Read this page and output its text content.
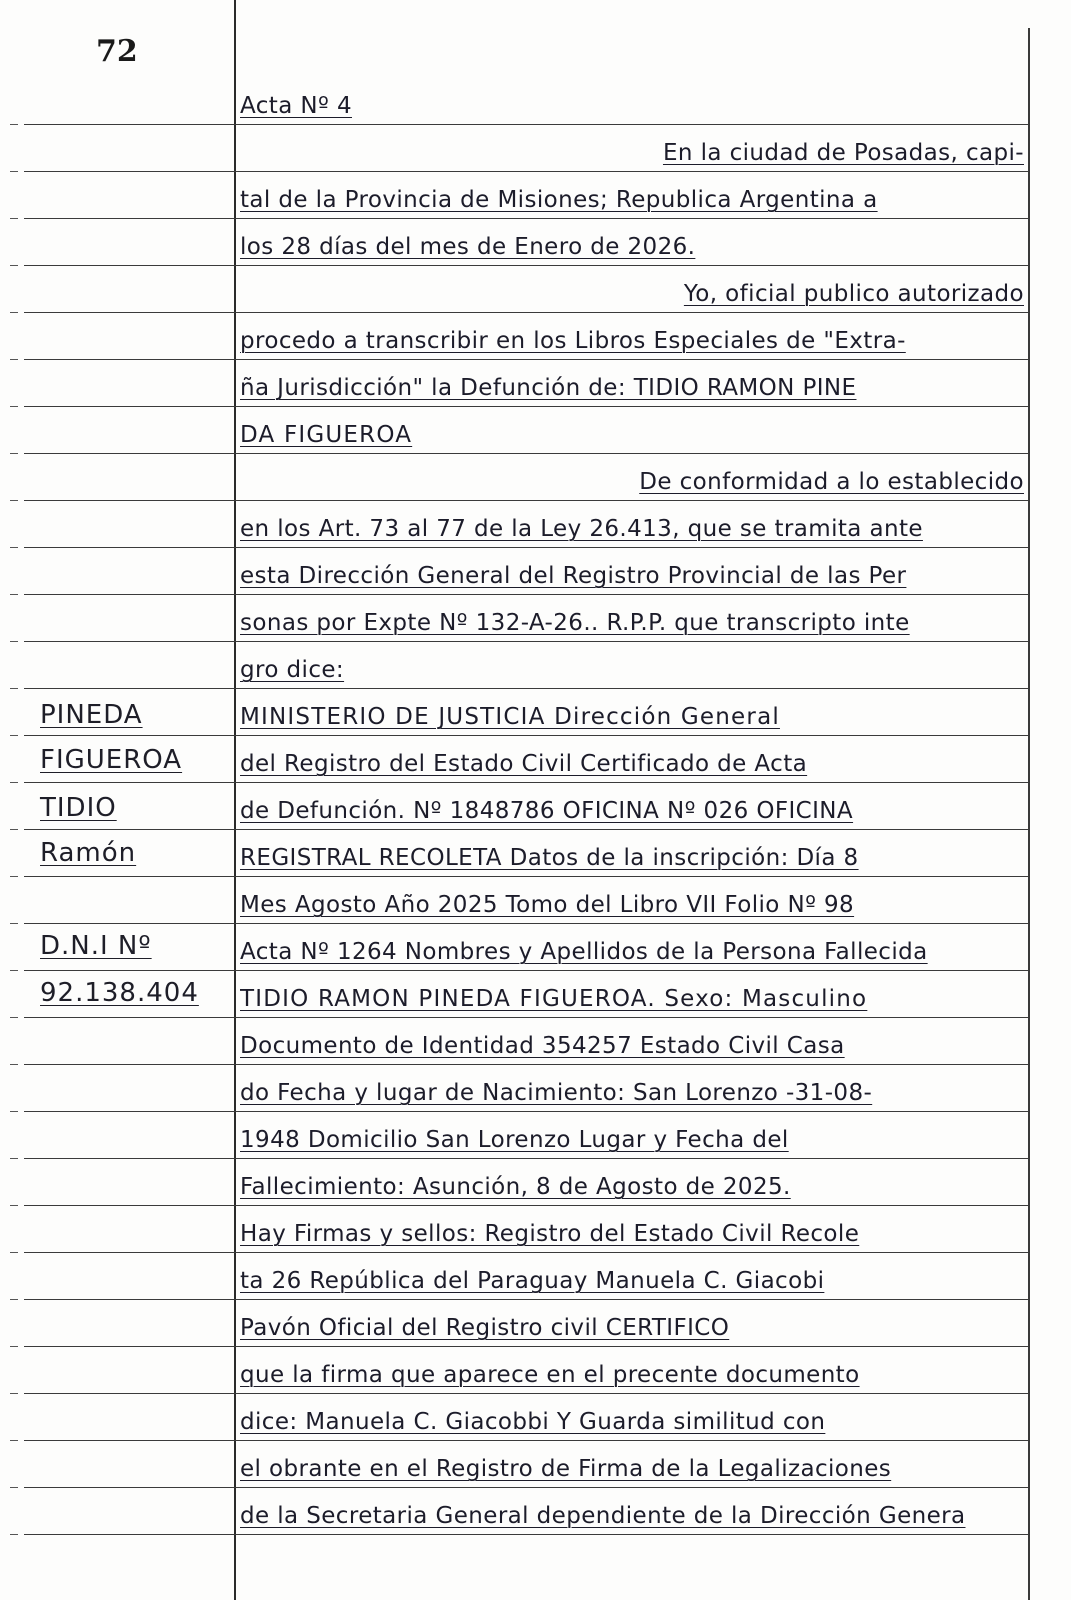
72
PINEDA
FIGUEROA
TIDIO
Ramón
D.N.I Nº
92.138.404
Acta Nº 4
En la ciudad de Posadas, capi-
tal de la Provincia de Misiones; Republica Argentina a
los 28 días del mes de Enero de 2026.
Yo, oficial publico autorizado
procedo a transcribir en los Libros Especiales de "Extra-
ña Jurisdicción" la Defunción de: TIDIO RAMON PINE
DA FIGUEROA
De conformidad a lo establecido
en los Art. 73 al 77 de la Ley 26.413, que se tramita ante
esta Dirección General del Registro Provincial de las Per
sonas por Expte Nº 132-A-26.. R.P.P. que transcripto inte
gro dice:
MINISTERIO DE JUSTICIA Dirección General
del Registro del Estado Civil Certificado de Acta
de Defunción. Nº 1848786 OFICINA Nº 026 OFICINA
REGISTRAL RECOLETA Datos de la inscripción: Día 8
Mes Agosto Año 2025 Tomo del Libro VII Folio Nº 98
Acta Nº 1264 Nombres y Apellidos de la Persona Fallecida
TIDIO RAMON PINEDA FIGUEROA. Sexo: Masculino
Documento de Identidad 354257 Estado Civil Casa
do Fecha y lugar de Nacimiento: San Lorenzo -31-08-
1948 Domicilio San Lorenzo Lugar y Fecha del
Fallecimiento: Asunción, 8 de Agosto de 2025.
Hay Firmas y sellos: Registro del Estado Civil Recole
ta 26 República del Paraguay Manuela C. Giacobi
Pavón Oficial del Registro civil CERTIFICO
que la firma que aparece en el precente documento
dice: Manuela C. Giacobbi Y Guarda similitud con
el obrante en el Registro de Firma de la Legalizaciones
de la Secretaria General dependiente de la Dirección Genera
